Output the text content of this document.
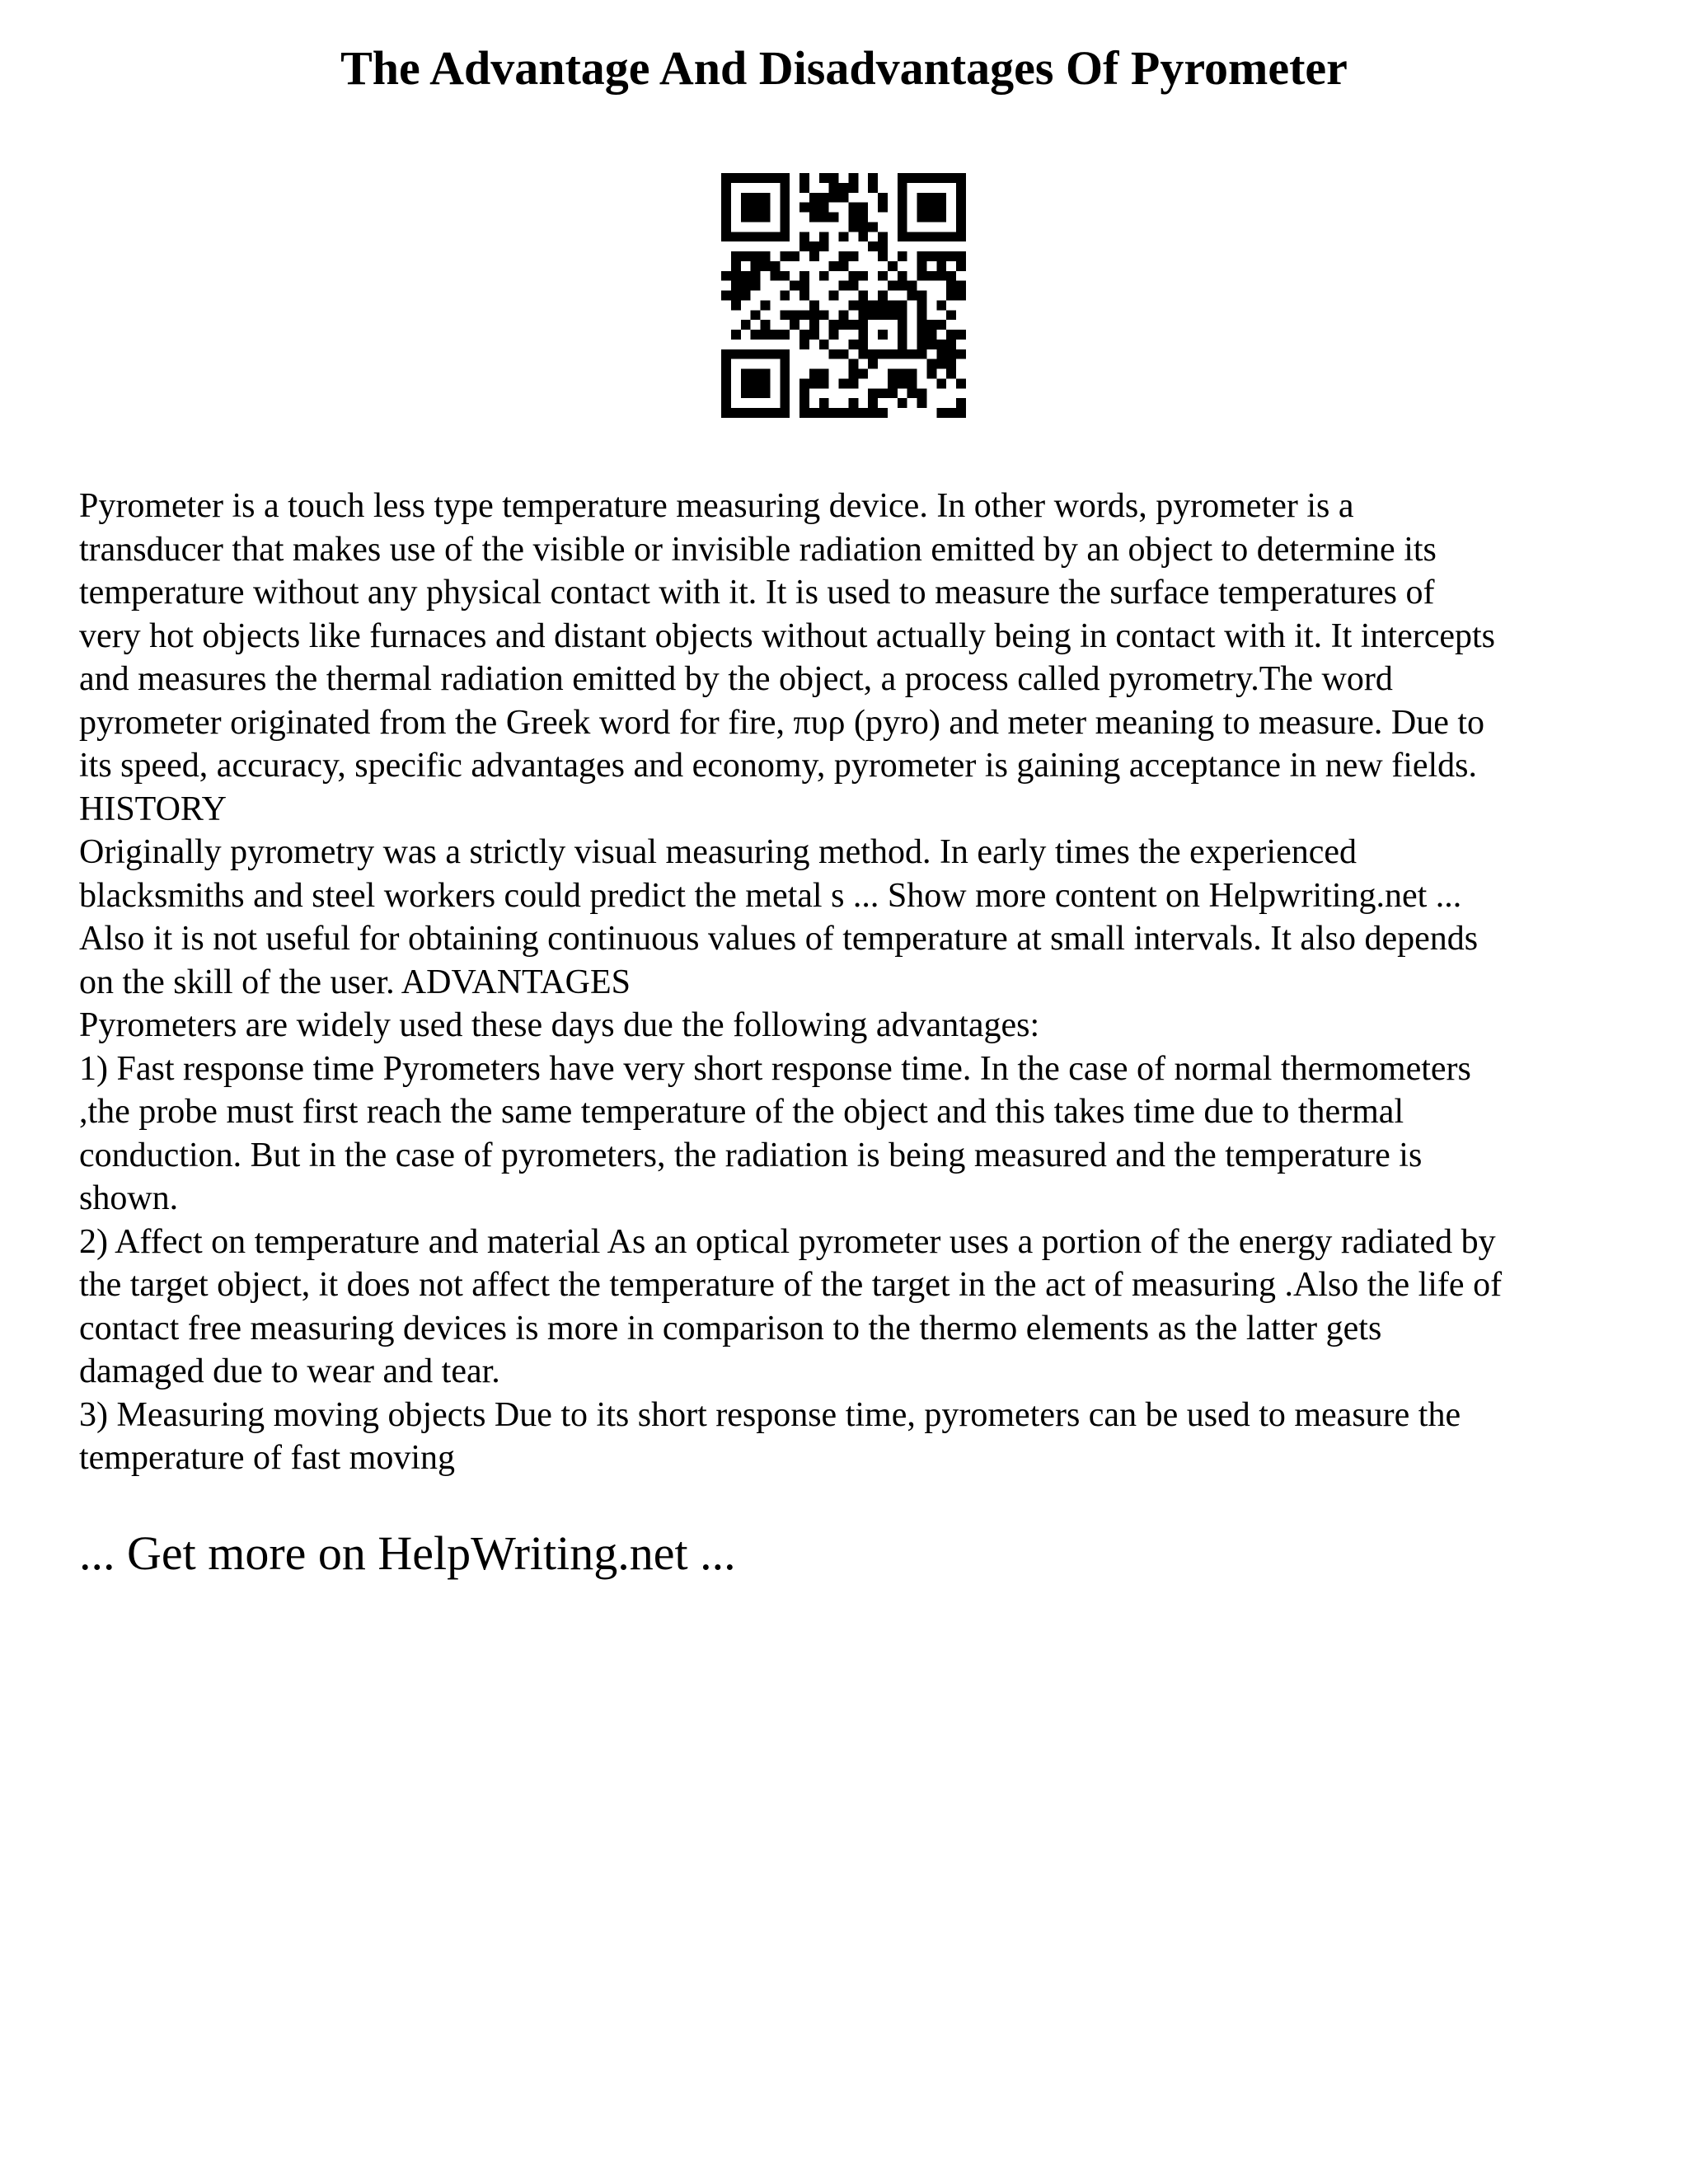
The Advantage And Disadvantages Of Pyrometer
Pyrometer is a touch less type temperature measuring device. In other words, pyrometer is a
transducer that makes use of the visible or invisible radiation emitted by an object to determine its
temperature without any physical contact with it. It is used to measure the surface temperatures of
very hot objects like furnaces and distant objects without actually being in contact with it. It intercepts
and measures the thermal radiation emitted by the object, a process called pyrometry.The word
pyrometer originated from the Greek word for fire, πυρ (pyro) and meter meaning to measure. Due to
its speed, accuracy, specific advantages and economy, pyrometer is gaining acceptance in new fields.
HISTORY
Originally pyrometry was a strictly visual measuring method. In early times the experienced
blacksmiths and steel workers could predict the metal s ... Show more content on Helpwriting.net ...
Also it is not useful for obtaining continuous values of temperature at small intervals. It also depends
on the skill of the user. ADVANTAGES
Pyrometers are widely used these days due the following advantages:
1) Fast response time Pyrometers have very short response time. In the case of normal thermometers
,the probe must first reach the same temperature of the object and this takes time due to thermal
conduction. But in the case of pyrometers, the radiation is being measured and the temperature is
shown.
2) Affect on temperature and material As an optical pyrometer uses a portion of the energy radiated by
the target object, it does not affect the temperature of the target in the act of measuring .Also the life of
contact free measuring devices is more in comparison to the thermo elements as the latter gets
damaged due to wear and tear.
3) Measuring moving objects Due to its short response time, pyrometers can be used to measure the
temperature of fast moving

... Get more on HelpWriting.net ...
